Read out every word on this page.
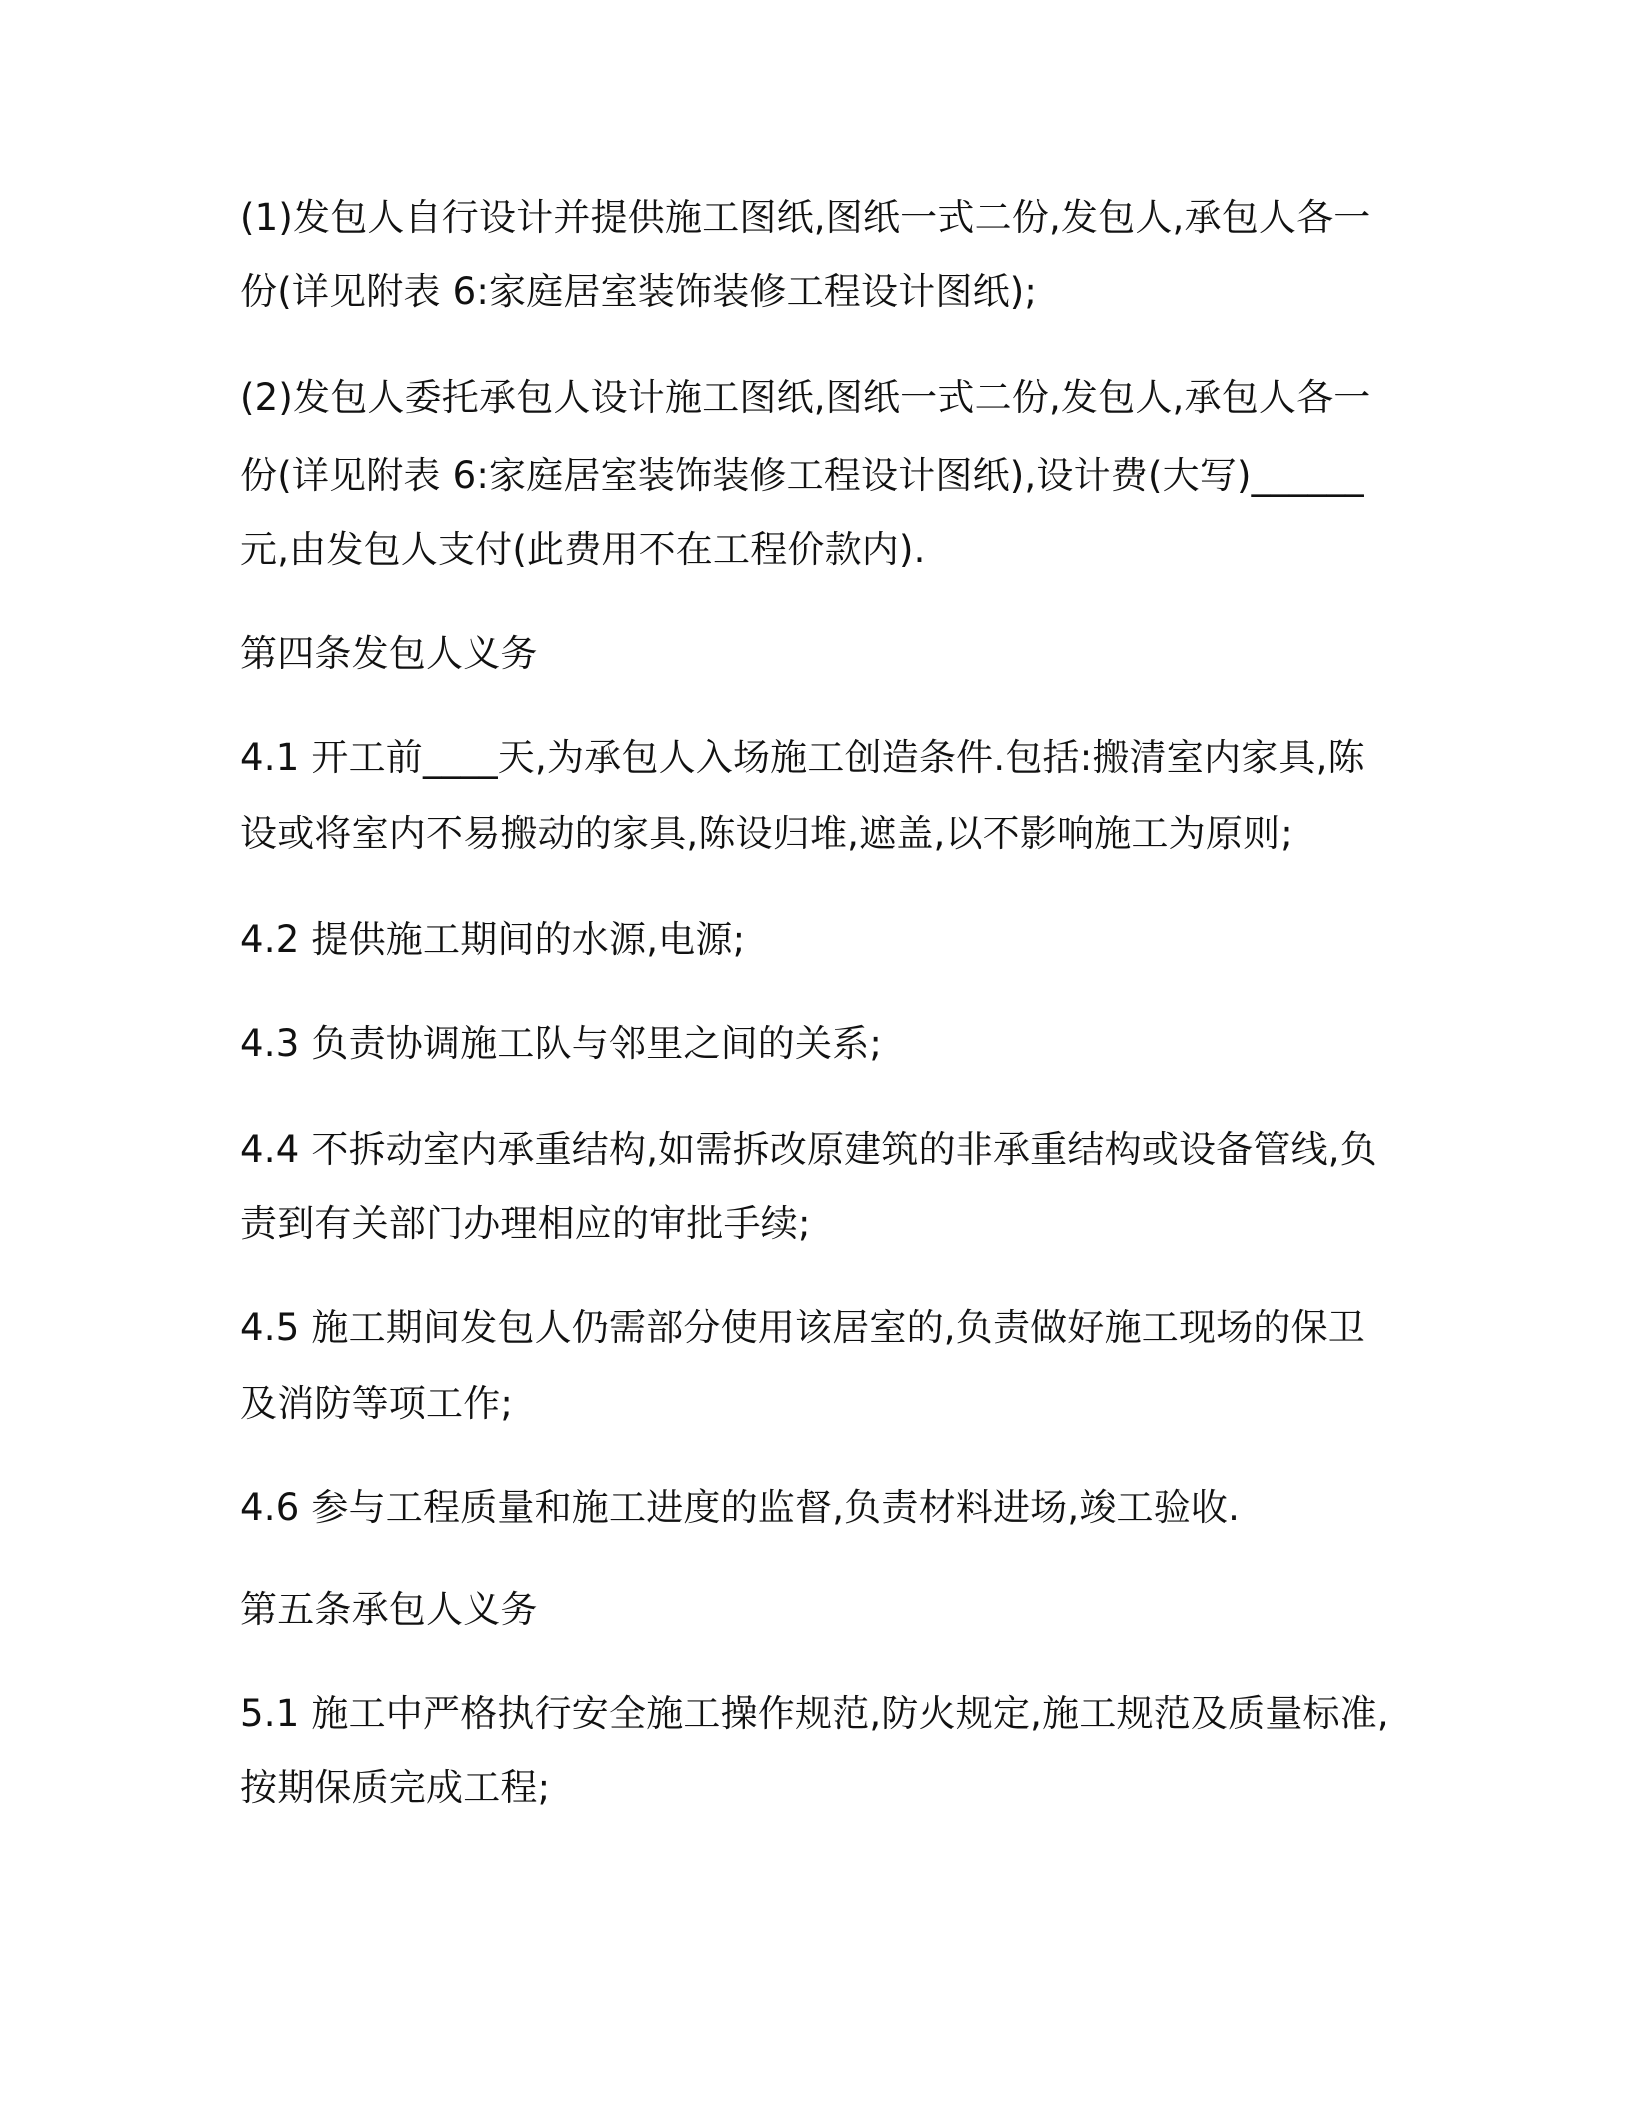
(1)发包人自行设计并提供施工图纸,图纸一式二份,发包人,承包人各一

份(详见附表 6:家庭居室装饰装修工程设计图纸);

(2)发包人委托承包人设计施工图纸,图纸一式二份,发包人,承包人各一

份(详见附表 6:家庭居室装饰装修工程设计图纸),设计费(大写)______

元,由发包人支付(此费用不在工程价款内).

第四条发包人义务

4.1 开工前____天,为承包人入场施工创造条件.包括:搬清室内家具,陈

设或将室内不易搬动的家具,陈设归堆,遮盖,以不影响施工为原则;

4.2 提供施工期间的水源,电源;

4.3 负责协调施工队与邻里之间的关系;

4.4 不拆动室内承重结构,如需拆改原建筑的非承重结构或设备管线,负

责到有关部门办理相应的审批手续;

4.5 施工期间发包人仍需部分使用该居室的,负责做好施工现场的保卫

及消防等项工作;

4.6 参与工程质量和施工进度的监督,负责材料进场,竣工验收.

第五条承包人义务

5.1 施工中严格执行安全施工操作规范,防火规定,施工规范及质量标准,

按期保质完成工程;
